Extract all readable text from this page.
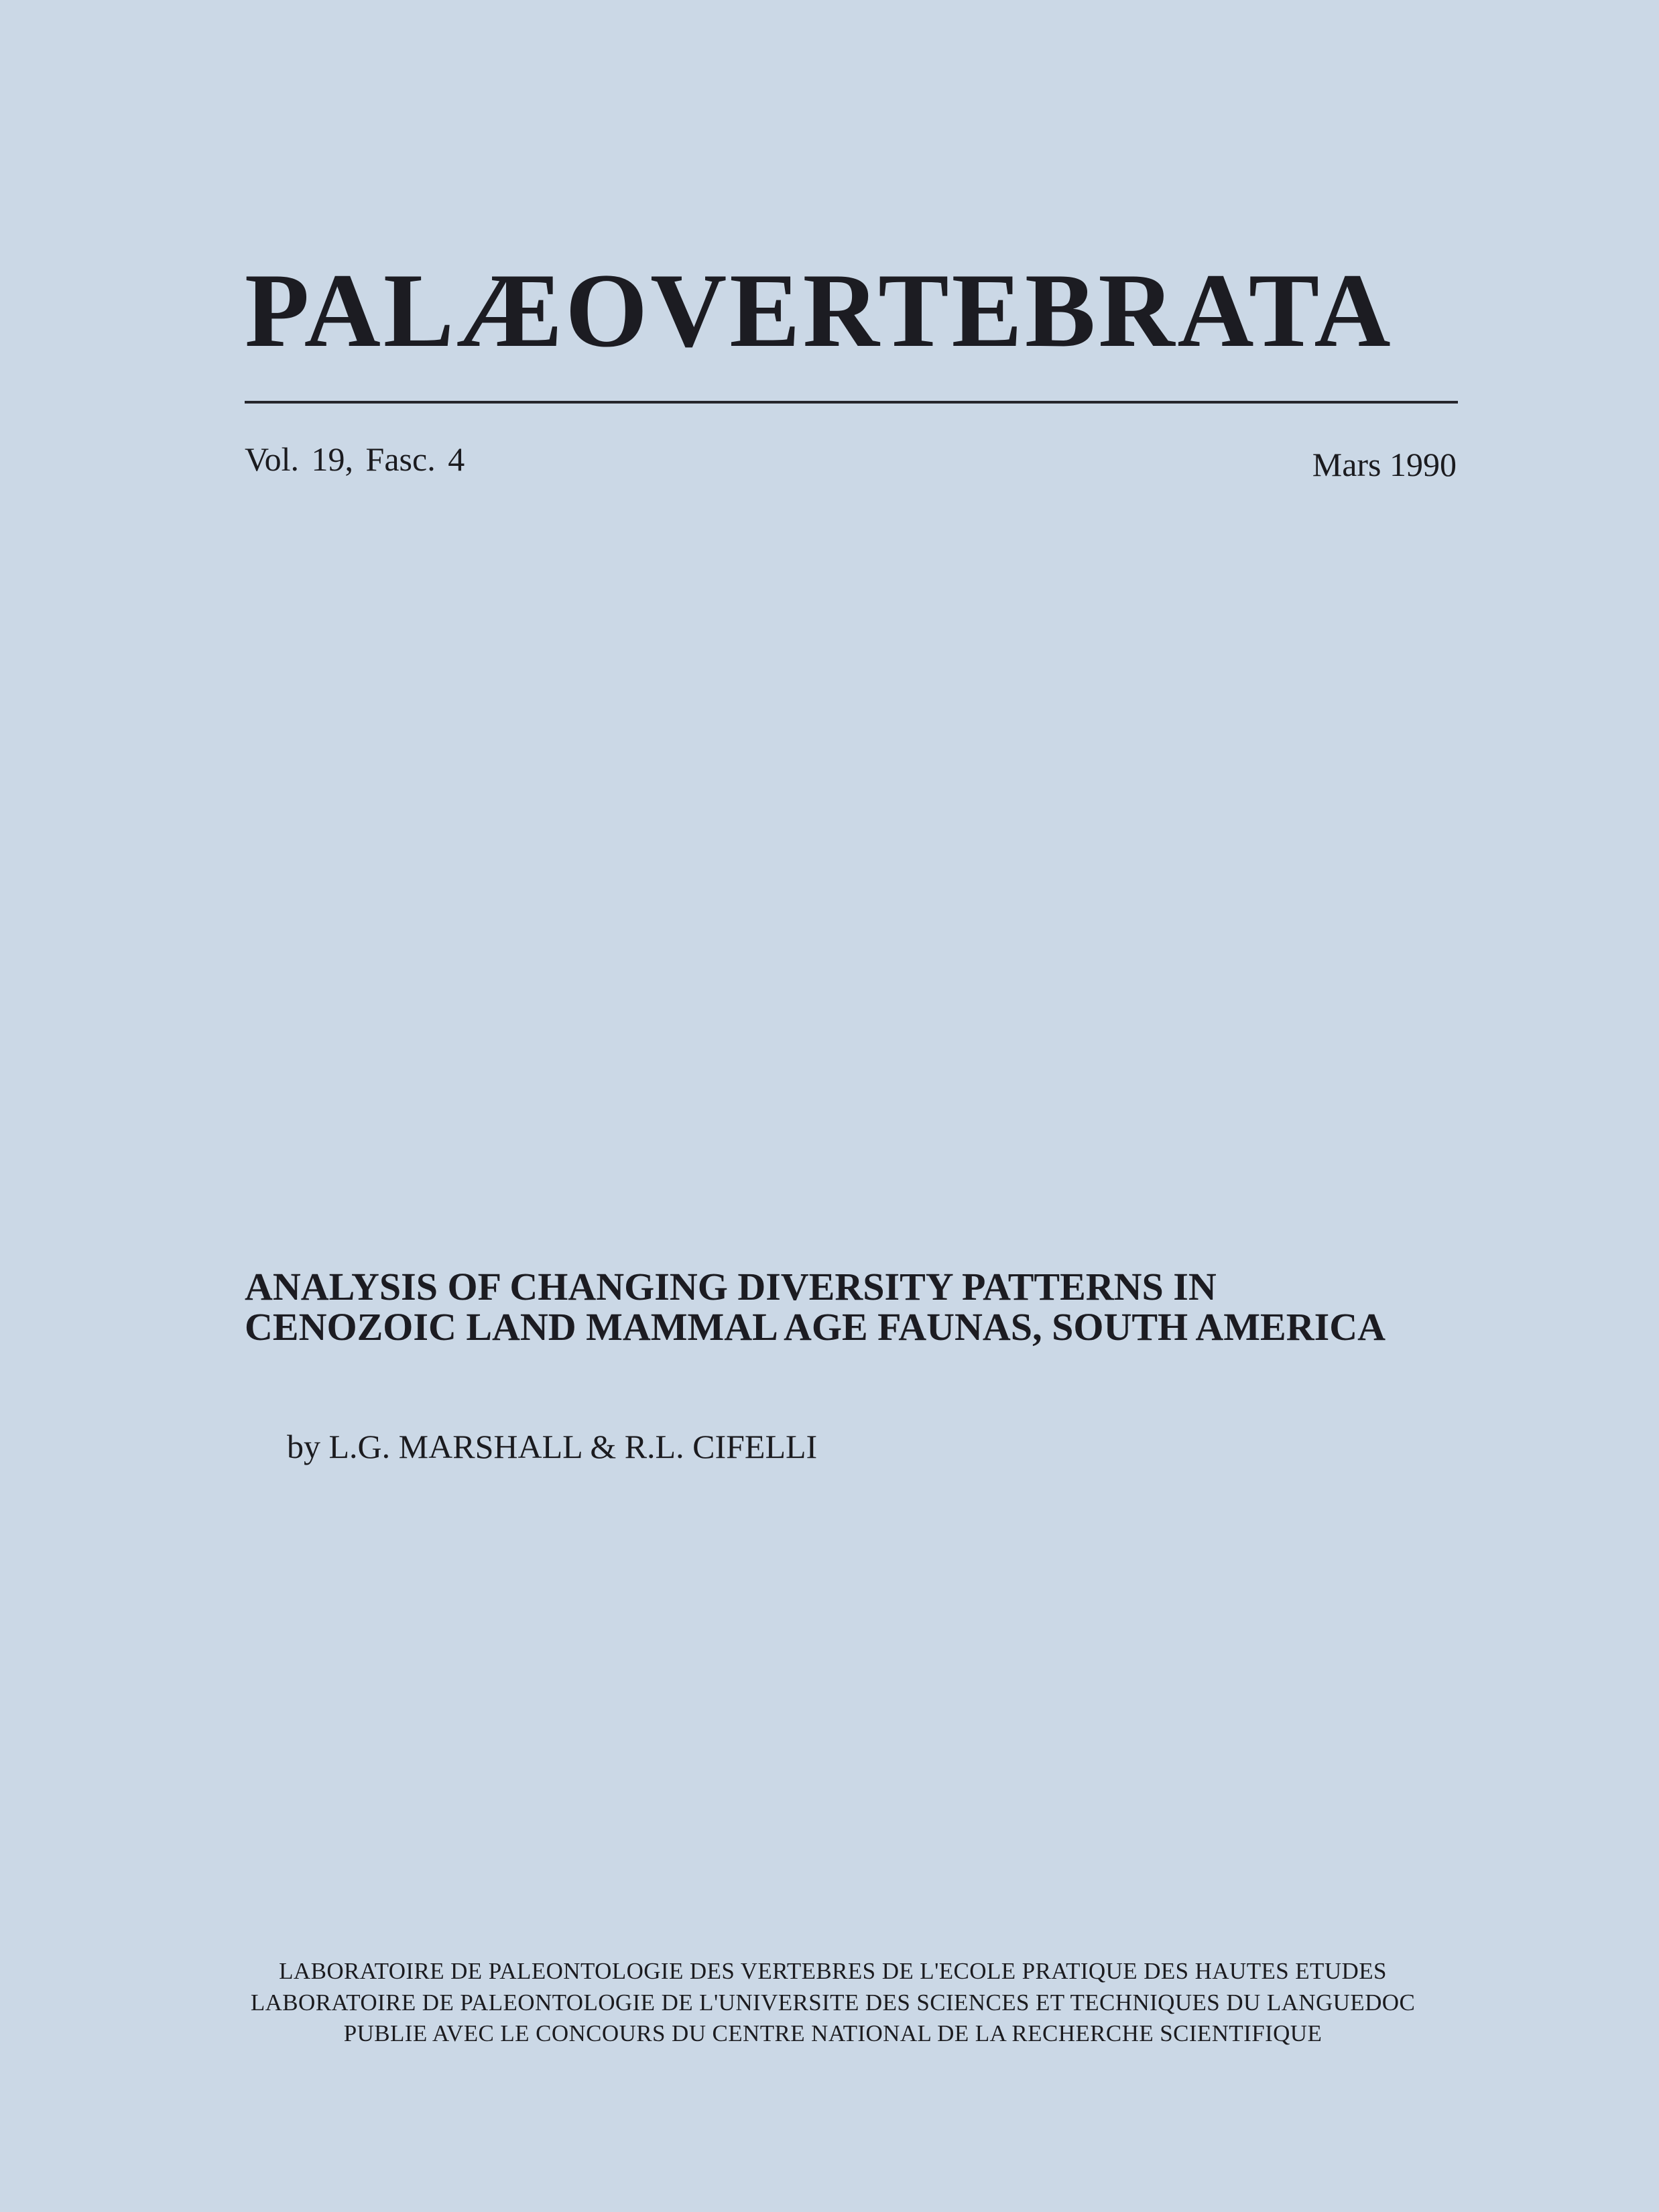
PALÆOVERTEBRATA
Vol. 19, Fasc. 4	Mars 1990
ANALYSIS OF CHANGING DIVERSITY PATTERNS IN
CENOZOIC LAND MAMMAL AGE FAUNAS, SOUTH AMERICA
by L.G. MARSHALL & R.L. CIFELLI
LABORATOIRE DE PALEONTOLOGIE DES VERTEBRES DE L'ECOLE PRATIQUE DES HAUTES ETUDES
LABORATOIRE DE PALEONTOLOGIE DE L'UNIVERSITE DES SCIENCES ET TECHNIQUES DU LANGUEDOC
PUBLIE AVEC LE CONCOURS DU CENTRE NATIONAL DE LA RECHERCHE SCIENTIFIQUE
